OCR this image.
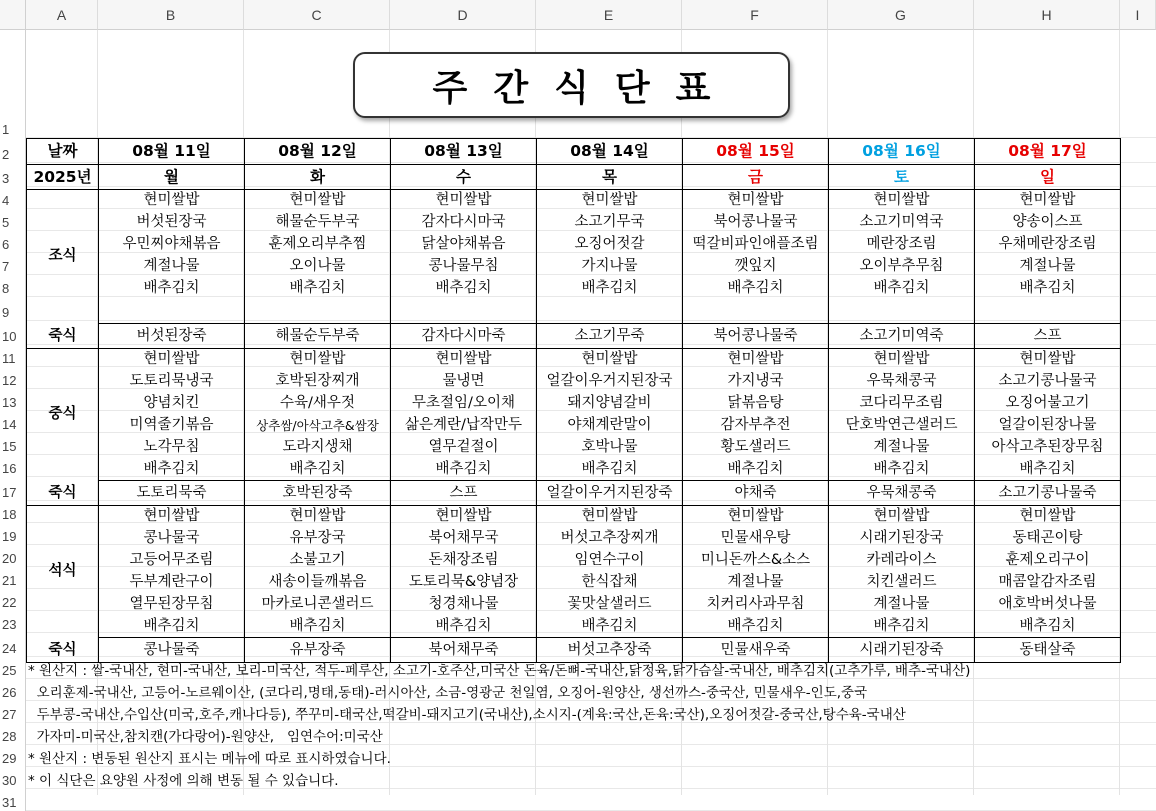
A	B	C	D	E	F	G	H	I
1
2
3
4
5
6
7
8
9
10
11
12
13
14
15
16
17
18
19
20
21
22
23
24
25
26
27
28
29
30
31
주간식단표
날짜	08월 11일	08월 12일	08월 13일	08월 14일	08월 15일	08월 16일	08월 17일
2025년	월	화	수	목	금	토	일
조식	현미쌀밥	현미쌀밥	현미쌀밥	현미쌀밥	현미쌀밥	현미쌀밥	현미쌀밥
	버섯된장국	해물순두부국	감자다시마국	소고기무국	북어콩나물국	소고기미역국	양송이스프
	우민찌야채볶음	훈제오리부추찜	닭살야채볶음	오징어젓갈	떡갈비파인애플조림	메란장조림	우채메란장조림
	계절나물	오이나물	콩나물무침	가지나물	깻잎지	오이부추무침	계절나물
	배추김치	배추김치	배추김치	배추김치	배추김치	배추김치	배추김치

죽식	버섯된장죽	해물순두부죽	감자다시마죽	소고기무죽	북어콩나물죽	소고기미역죽	스프
중식	현미쌀밥	현미쌀밥	현미쌀밥	현미쌀밥	현미쌀밥	현미쌀밥	현미쌀밥
	도토리묵냉국	호박된장찌개	물냉면	얼갈이우거지된장국	가지냉국	우묵채콩국	소고기콩나물국
	양념치킨	수육/새우젓	무초절임/오이채	돼지양념갈비	닭볶음탕	코다리무조림	오징어불고기
	미역줄기볶음	상추쌈/아삭고추&쌈장	삶은계란/납작만두	야채계란말이	감자부추전	단호박연근샐러드	얼갈이된장나물
	노각무침	도라지생채	열무겉절이	호박나물	황도샐러드	계절나물	아삭고추된장무침
	배추김치	배추김치	배추김치	배추김치	배추김치	배추김치	배추김치
죽식	도토리묵죽	호박된장죽	스프	얼갈이우거지된장죽	야채죽	우묵채콩죽	소고기콩나물죽
석식	현미쌀밥	현미쌀밥	현미쌀밥	현미쌀밥	현미쌀밥	현미쌀밥	현미쌀밥
	콩나물국	유부장국	북어채무국	버섯고추장찌개	민물새우탕	시래기된장국	동태곤이탕
	고등어무조림	소불고기	돈채장조림	임연수구이	미니돈까스&소스	카레라이스	훈제오리구이
	두부계란구이	새송이들깨볶음	도토리묵&양념장	한식잡채	계절나물	치킨샐러드	매콤알감자조림
	열무된장무침	마카로니콘샐러드	청경채나물	꽃맛살샐러드	치커리사과무침	계절나물	애호박버섯나물
	배추김치	배추김치	배추김치	배추김치	배추김치	배추김치	배추김치
죽식	콩나물죽	유부장죽	북어채무죽	버섯고추장죽	민물새우죽	시래기된장죽	동태살죽
* 원산지 : 쌀-국내산, 현미-국내산, 보리-미국산, 적두-페루산, 소고기-호주산,미국산 돈육/돈뼈-국내산,닭정육,닭가슴살-국내산, 배추김치(고추가루, 배추-국내산)
오리훈제-국내산, 고등어-노르웨이산, (코다리,명태,동태)-러시아산, 소금-영광군 천일염, 오징어-원양산, 생선까스-중국산, 민물새우-인도,중국
두부콩-국내산,수입산(미국,호주,캐나다등), 쭈꾸미-태국산,떡갈비-돼지고기(국내산),소시지-(계육:국산,돈육:국산),오징어젓갈-중국산,탕수육-국내산
가자미-미국산,참치캔(가다랑어)-원양산,   임연수어:미국산
* 원산지 : 변동된 원산지 표시는 메뉴에 따로 표시하였습니다.
* 이 식단은 요양원 사정에 의해 변동 될 수 있습니다.
